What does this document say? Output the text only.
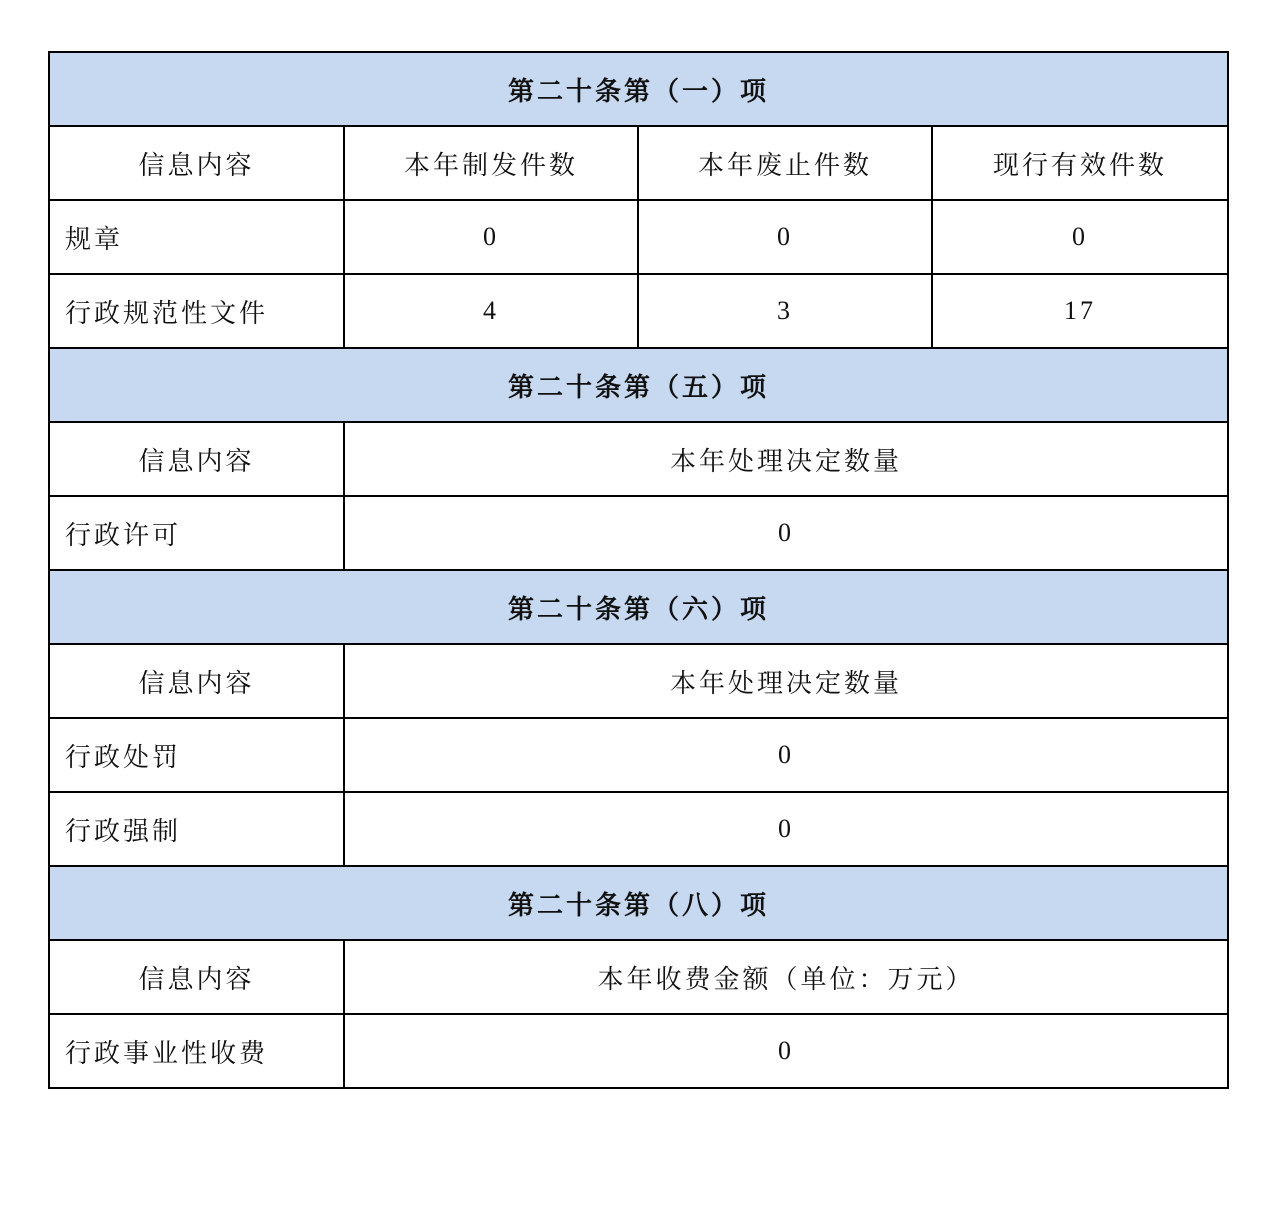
第二十条第（一）项			
信息内容	本年制发件数	本年废止件数	现行有效件数
规章	0	0	0
行政规范性文件	4	3	17
第二十条第（五）项			
信息内容	本年处理决定数量		
行政许可	0		
第二十条第（六）项			
信息内容	本年处理决定数量		
行政处罚	0		
行政强制	0		
第二十条第（八）项			
信息内容	本年收费金额（单位：万元）		
行政事业性收费	0		
